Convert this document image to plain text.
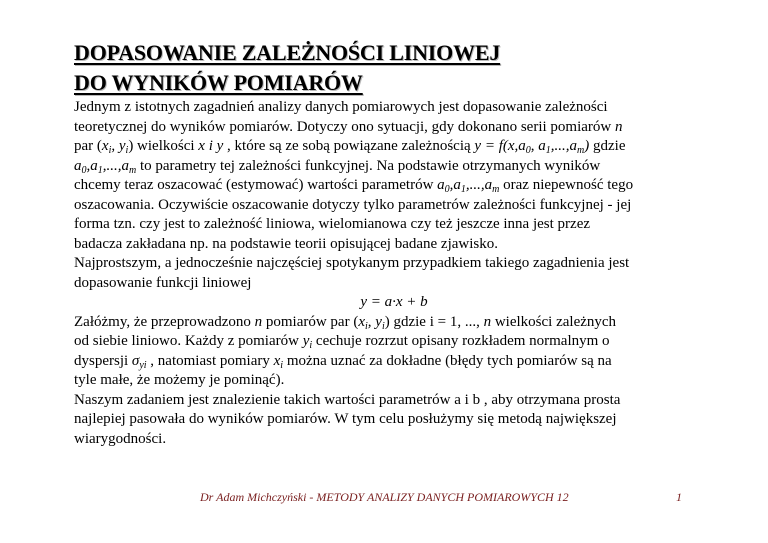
DOPASOWANIE ZALEŻNOŚCI LINIOWEJ
DO WYNIKÓW POMIARÓW
Jednym z istotnych zagadnień analizy danych pomiarowych jest dopasowanie zależności
teoretycznej do wyników pomiarów. Dotyczy ono sytuacji, gdy dokonano serii pomiarów n
par ($x_i$, $y_i$) wielkości x i y , które są ze sobą powiązane zależnością $y = f(x,a_0$, $a_1,...,a_m$) gdzie
$a_0,a_1,...,a_m$ to parametry tej zależności funkcyjnej. Na podstawie otrzymanych wyników
chcemy teraz oszacować (estymować) wartości parametrów $a_0,a_1,...,a_m$ oraz niepewność tego
oszacowania. Oczywiście oszacowanie dotyczy tylko parametrów zależności funkcyjnej - jej
forma tzn. czy jest to zależność liniowa, wielomianowa czy też jeszcze inna jest przez
badacza zakładana np. na podstawie teorii opisującej badane zjawisko.
Najprostszym, a jednocześnie najczęściej spotykanym przypadkiem takiego zagadnienia jest
dopasowanie funkcji liniowej
y = a·x + b
Załóżmy, że przeprowadzono n pomiarów par ($x_i$, $y_i$) gdzie i = 1, ..., n wielkości zależnych
od siebie liniowo. Każdy z pomiarów $y_i$ cechuje rozrzut opisany rozkładem normalnym o
dyspersji $\sigma_{yi}$ , natomiast pomiary $x_i$ można uznać za dokładne (błędy tych pomiarów są na
tyle małe, że możemy je pominąć).
Naszym zadaniem jest znalezienie takich wartości parametrów a i b , aby otrzymana prosta
najlepiej pasowała do wyników pomiarów. W tym celu posłużymy się metodą największej
wiarygodności.
Dr Adam Michczyński - METODY ANALIZY DANYCH POMIAROWYCH 12	1
